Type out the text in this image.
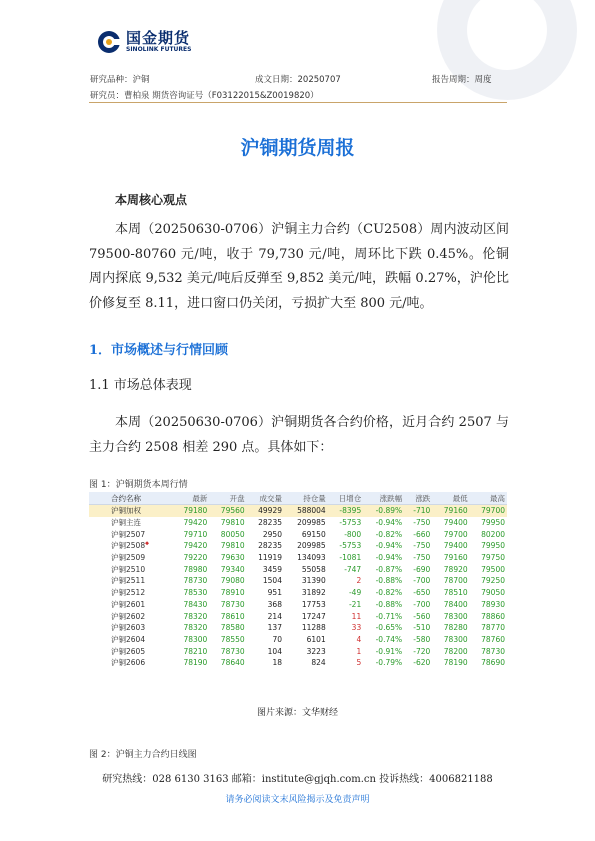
国金期货
SINOLINK FUTURES
研究品种：沪铜	成文日期：20250707	报告周期：周度
研究员：曹柏泉 期货咨询证号（F03122015&Z0019820）
沪铜期货周报
本周核心观点
本周（20250630-0706）沪铜主力合约（CU2508）周内波动区间 79500-80760 元/吨，收于 79,730 元/吨，周环比下跌 0.45%。伦铜周内探底 9,532 美元/吨后反弹至 9,852 美元/吨，跌幅 0.27%，沪伦比价修复至 8.11，进口窗口仍关闭，亏损扩大至 800 元/吨。
1．市场概述与行情回顾
1.1 市场总体表现
本周（20250630-0706）沪铜期货各合约价格，近月合约 2507 与主力合约 2508 相差 290 点。具体如下：
图 1：沪铜期货本周行情
合约名称	最新	开盘	成交量	持仓量	日增仓	涨跌幅	涨跌	最低	最高
沪铜加权	79180	79560	49929	588004	-8395	-0.89%	-710	79160	79700
沪铜主连	79420	79810	28235	209985	-5753	-0.94%	-750	79400	79950
沪铜2507	79710	80050	2950	69150	-800	-0.82%	-660	79700	80200
沪铜2508◆	79420	79810	28235	209985	-5753	-0.94%	-750	79400	79950
沪铜2509	79220	79630	11919	134093	-1081	-0.94%	-750	79160	79750
沪铜2510	78980	79340	3459	55058	-747	-0.87%	-690	78920	79500
沪铜2511	78730	79080	1504	31390	2	-0.88%	-700	78700	79250
沪铜2512	78530	78910	951	31892	-49	-0.82%	-650	78510	79050
沪铜2601	78430	78730	368	17753	-21	-0.88%	-700	78400	78930
沪铜2602	78320	78610	214	17247	11	-0.71%	-560	78300	78860
沪铜2603	78320	78580	137	11288	33	-0.65%	-510	78280	78770
沪铜2604	78300	78550	70	6101	4	-0.74%	-580	78300	78760
沪铜2605	78210	78730	104	3223	1	-0.91%	-720	78200	78730
沪铜2606	78190	78640	18	824	5	-0.79%	-620	78190	78690
图片来源：文华财经
图 2：沪铜主力合约日线图
研究热线：028 6130 3163 邮箱：institute@gjqh.com.cn 投诉热线：4006821188
请务必阅读文末风险揭示及免责声明
